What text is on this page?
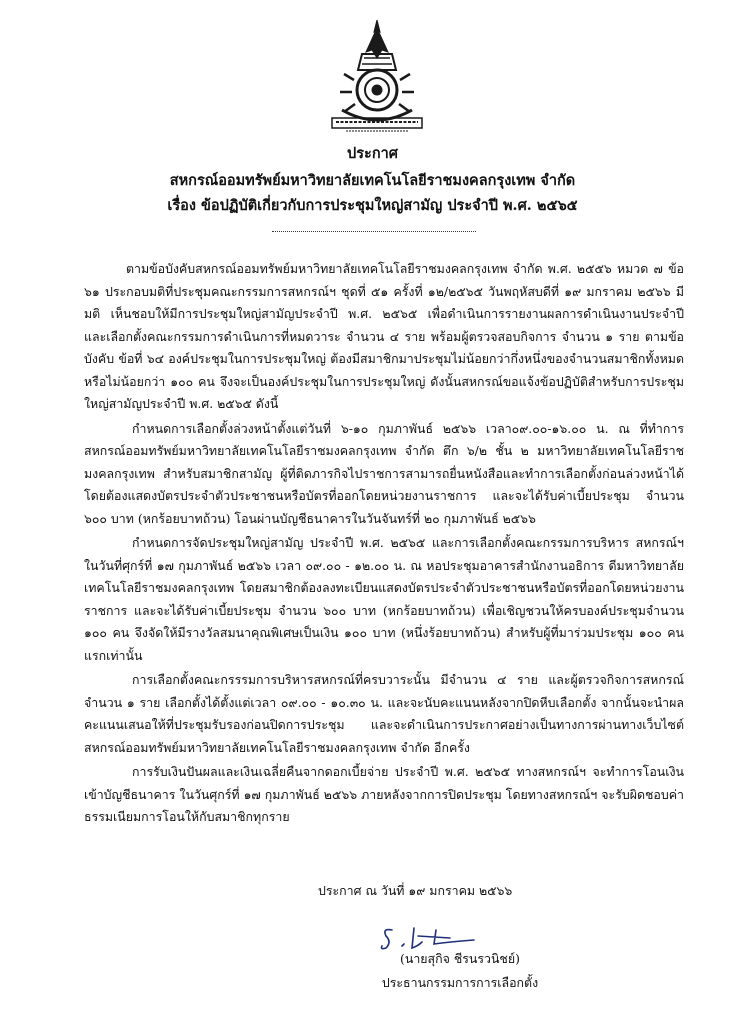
ประกาศ
สหกรณ์ออมทรัพย์มหาวิทยาลัยเทคโนโลยีราชมงคลกรุงเทพ จำกัด
เรื่อง ข้อปฏิบัติเกี่ยวกับการประชุมใหญ่สามัญ ประจำปี พ.ศ. ๒๕๖๕

ตามข้อบังคับสหกรณ์ออมทรัพย์มหาวิทยาลัยเทคโนโลยีราชมงคลกรุงเทพ จำกัด พ.ศ. ๒๕๕๖ หมวด ๗ ข้อ ๖๑ ประกอบมติที่ประชุมคณะกรรมการสหกรณ์ฯ ชุดที่ ๕๑ ครั้งที่ ๑๒/๒๕๖๕ วันพฤหัสบดีที่ ๑๙ มกราคม ๒๕๖๖ มีมติ เห็นชอบให้มีการประชุมใหญ่สามัญประจำปี พ.ศ. ๒๕๖๕ เพื่อดำเนินการรายงานผลการดำเนินงานประจำปี และเลือกตั้งคณะกรรมการดำเนินการที่หมดวาระ จำนวน ๔ ราย พร้อมผู้ตรวจสอบกิจการ จำนวน ๑ ราย ตามข้อบังคับ ข้อที่ ๖๔ องค์ประชุมในการประชุมใหญ่ ต้องมีสมาชิกมาประชุมไม่น้อยกว่ากึ่งหนึ่งของจำนวนสมาชิกทั้งหมดหรือไม่น้อยกว่า ๑๐๐ คน จึงจะเป็นองค์ประชุมในการประชุมใหญ่ ดังนั้นสหกรณ์ขอแจ้งข้อปฏิบัติสำหรับการประชุมใหญ่สามัญประจำปี พ.ศ. ๒๕๖๕ ดังนี้

กำหนดการเลือกตั้งล่วงหน้าตั้งแต่วันที่ ๖-๑๐ กุมภาพันธ์ ๒๕๖๖ เวลา๐๙.๐๐-๑๖.๐๐ น. ณ ที่ทำการสหกรณ์ออมทรัพย์มหาวิทยาลัยเทคโนโลยีราชมงคลกรุงเทพ จำกัด ตึก ๖/๒ ชั้น ๒ มหาวิทยาลัยเทคโนโลยีราชมงคลกรุงเทพ สำหรับสมาชิกสามัญ ผู้ที่ติดภารกิจไปราชการสามารถยื่นหนังสือและทำการเลือกตั้งก่อนล่วงหน้าได้ โดยต้องแสดงบัตรประจำตัวประชาชนหรือบัตรที่ออกโดยหน่วยงานราชการ และจะได้รับค่าเบี้ยประชุม จำนวน ๖๐๐ บาท (หกร้อยบาทถ้วน) โอนผ่านบัญชีธนาคารในวันจันทร์ที่ ๒๐ กุมภาพันธ์ ๒๕๖๖

กำหนดการจัดประชุมใหญ่สามัญ ประจำปี พ.ศ. ๒๕๖๕ และการเลือกตั้งคณะกรรมการบริหาร สหกรณ์ฯ ในวันที่ศุกร์ที่ ๑๗ กุมภาพันธ์ ๒๕๖๖ เวลา ๐๙.๐๐ - ๑๒.๐๐ น. ณ หอประชุมอาคารสำนักงานอธิการ ดีมหาวิทยาลัยเทคโนโลยีราชมงคลกรุงเทพ โดยสมาชิกต้องลงทะเบียนแสดงบัตรประจำตัวประชาชนหรือบัตรที่ออกโดยหน่วยงานราชการ และจะได้รับค่าเบี้ยประชุม จำนวน ๖๐๐ บาท (หกร้อยบาทถ้วน) เพื่อเชิญชวนให้ครบองค์ประชุมจำนวน ๑๐๐ คน จึงจัดให้มีรางวัลสมนาคุณพิเศษเป็นเงิน ๑๐๐ บาท (หนึ่งร้อยบาทถ้วน) สำหรับผู้ที่มาร่วมประชุม ๑๐๐ คนแรกเท่านั้น

การเลือกตั้งคณะกรรรมการบริหารสหกรณ์ที่ครบวาระนั้น มีจำนวน ๔ ราย และผู้ตรวจกิจการสหกรณ์จำนวน ๑ ราย เลือกตั้งได้ตั้งแต่เวลา ๐๙.๐๐ - ๑๐.๓๐ น. และจะนับคะแนนหลังจากปิดหีบเลือกตั้ง จากนั้นจะนำผลคะแนนเสนอให้ที่ประชุมรับรองก่อนปิดการประชุม และจะดำเนินการประกาศอย่างเป็นทางการผ่านทางเว็บไซต์สหกรณ์ออมทรัพย์มหาวิทยาลัยเทคโนโลยีราชมงคลกรุงเทพ จำกัด อีกครั้ง

การรับเงินปันผลและเงินเฉลี่ยคืนจากดอกเบี้ยจ่าย ประจำปี พ.ศ. ๒๕๖๕ ทางสหกรณ์ฯ จะทำการโอนเงินเข้าบัญชีธนาคาร ในวันศุกร์ที่ ๑๗ กุมภาพันธ์ ๒๕๖๖ ภายหลังจากการปิดประชุม โดยทางสหกรณ์ฯ จะรับผิดชอบค่าธรรมเนียมการโอนให้กับสมาชิกทุกราย

ประกาศ ณ วันที่ ๑๙ มกราคม ๒๕๖๖
(นายสุกิจ ชีรนรวนิชย์)
ประธานกรรมการการเลือกตั้ง
